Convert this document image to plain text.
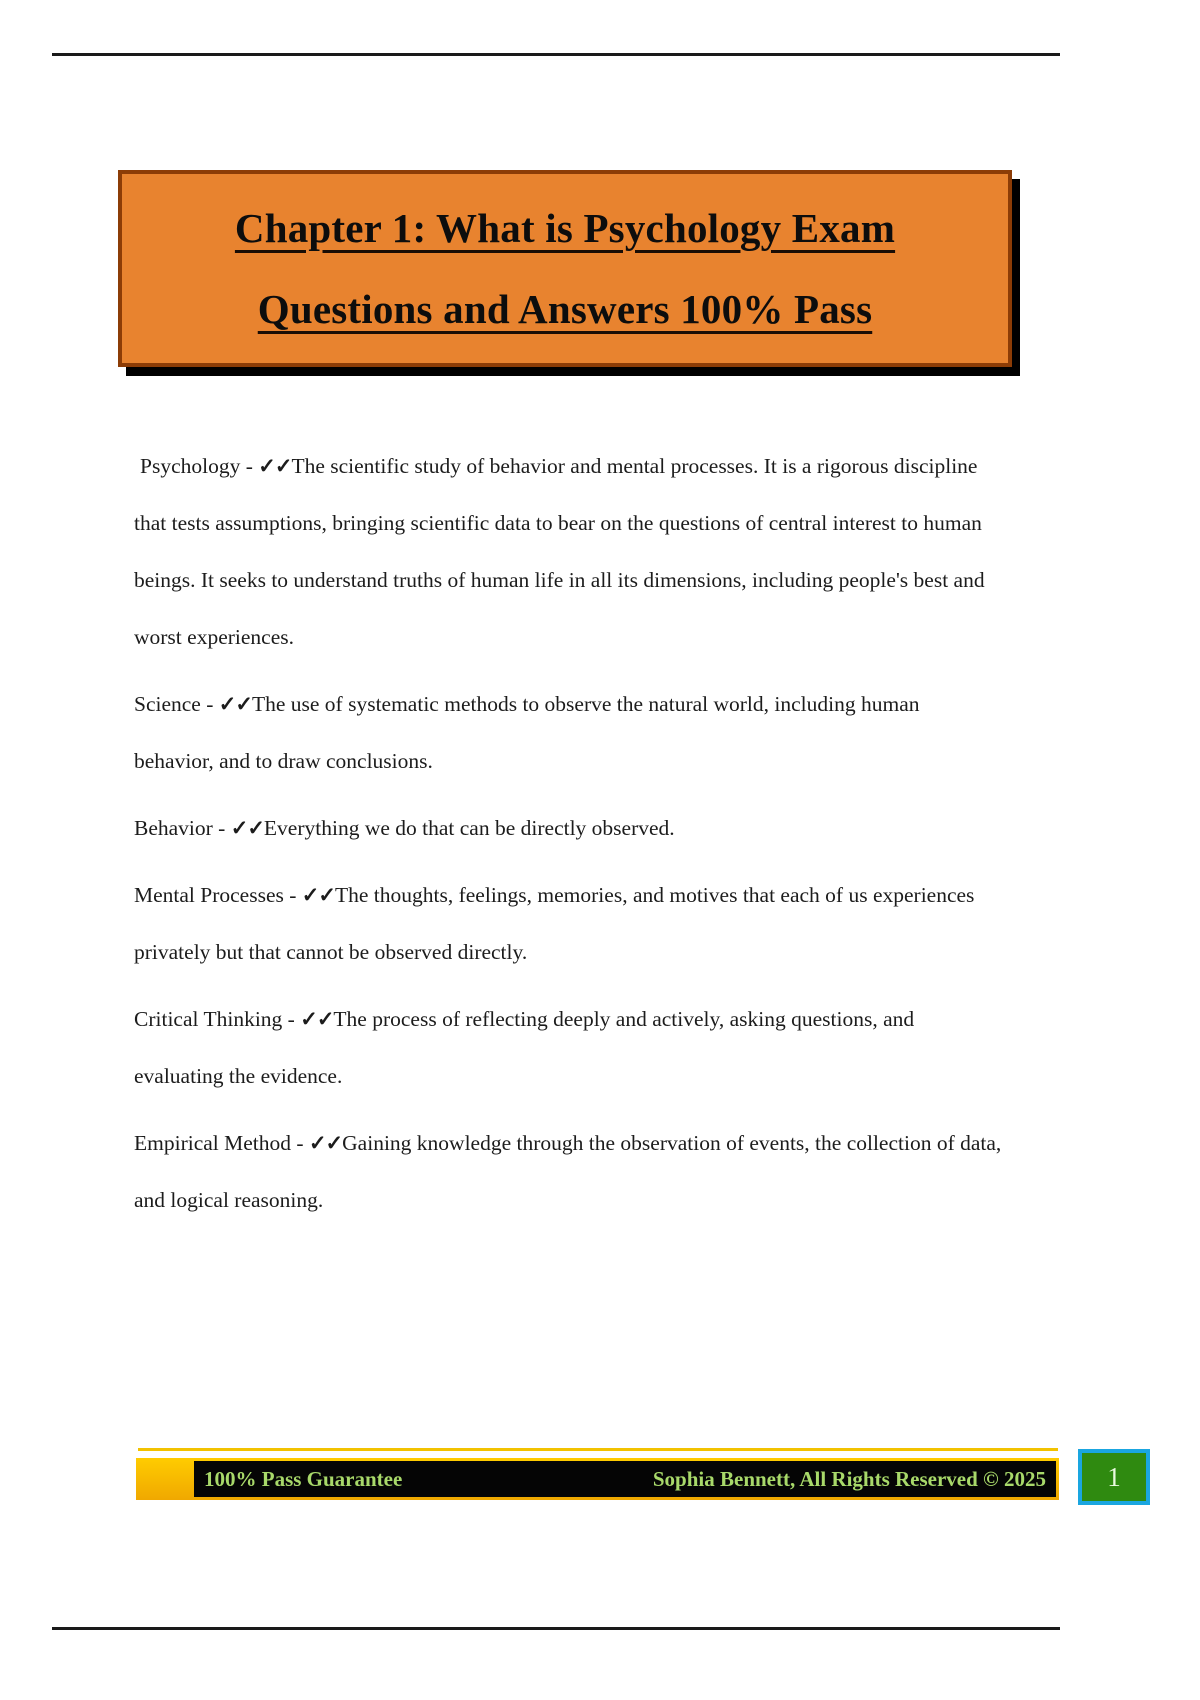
Chapter 1: What is Psychology Exam
Questions and Answers 100% Pass

Psychology - ✓✓The scientific study of behavior and mental processes. It is a rigorous discipline that tests assumptions, bringing scientific data to bear on the questions of central interest to human beings. It seeks to understand truths of human life in all its dimensions, including people's best and worst experiences.

Science - ✓✓The use of systematic methods to observe the natural world, including human behavior, and to draw conclusions.

Behavior - ✓✓Everything we do that can be directly observed.

Mental Processes - ✓✓The thoughts, feelings, memories, and motives that each of us experiences privately but that cannot be observed directly.

Critical Thinking - ✓✓The process of reflecting deeply and actively, asking questions, and evaluating the evidence.

Empirical Method - ✓✓Gaining knowledge through the observation of events, the collection of data, and logical reasoning.

100% Pass Guarantee	Sophia Bennett, All Rights Reserved © 2025 1
